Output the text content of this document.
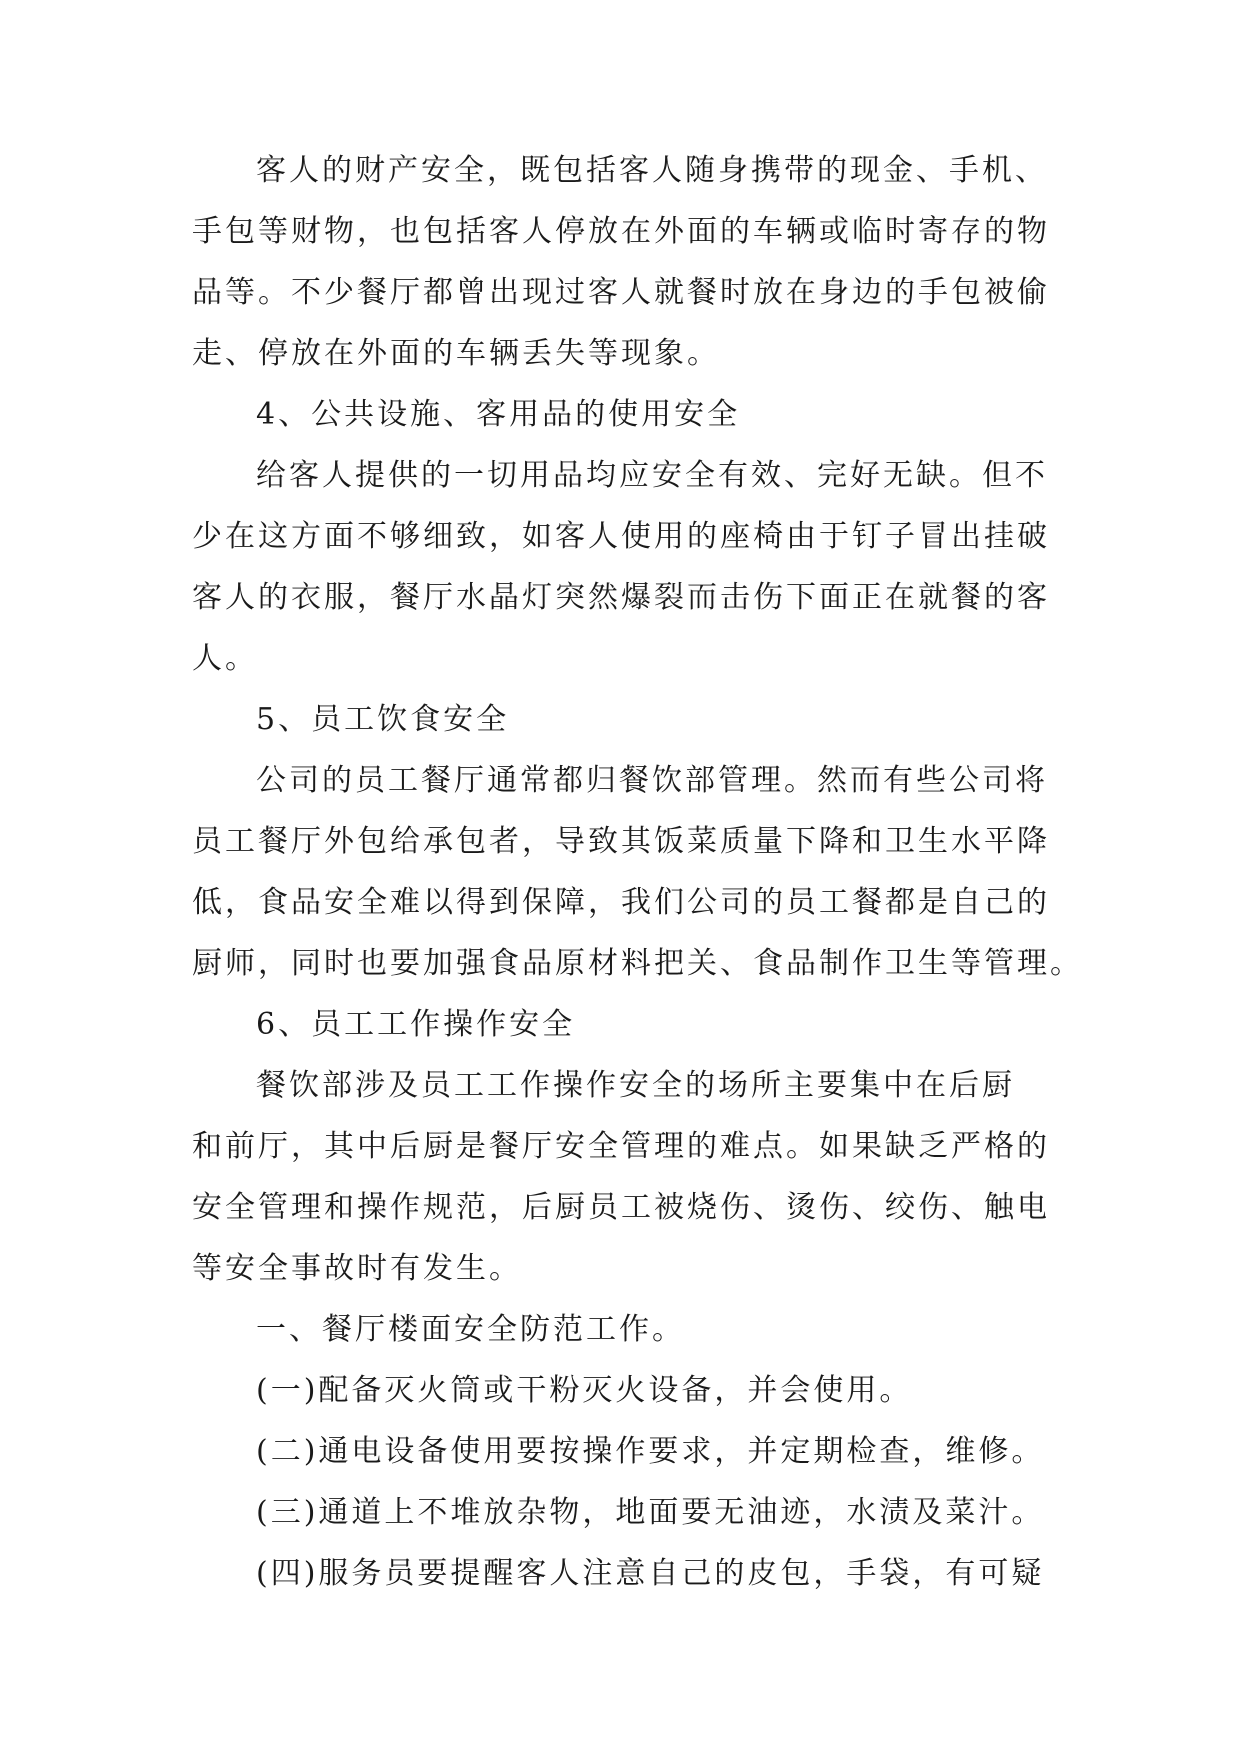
客人的财产安全，既包括客人随身携带的现金、手机、
手包等财物，也包括客人停放在外面的车辆或临时寄存的物
品等。不少餐厅都曾出现过客人就餐时放在身边的手包被偷
走、停放在外面的车辆丢失等现象。
4、公共设施、客用品的使用安全
给客人提供的一切用品均应安全有效、完好无缺。但不
少在这方面不够细致，如客人使用的座椅由于钉子冒出挂破
客人的衣服，餐厅水晶灯突然爆裂而击伤下面正在就餐的客
人。
5、员工饮食安全
公司的员工餐厅通常都归餐饮部管理。然而有些公司将
员工餐厅外包给承包者，导致其饭菜质量下降和卫生水平降
低，食品安全难以得到保障，我们公司的员工餐都是自己的
厨师，同时也要加强食品原材料把关、食品制作卫生等管理。
6、员工工作操作安全
餐饮部涉及员工工作操作安全的场所主要集中在后厨
和前厅，其中后厨是餐厅安全管理的难点。如果缺乏严格的
安全管理和操作规范，后厨员工被烧伤、烫伤、绞伤、触电
等安全事故时有发生。
一、餐厅楼面安全防范工作。
(一)配备灭火筒或干粉灭火设备，并会使用。
(二)通电设备使用要按操作要求，并定期检查，维修。
(三)通道上不堆放杂物，地面要无油迹，水渍及菜汁。
(四)服务员要提醒客人注意自己的皮包，手袋，有可疑
